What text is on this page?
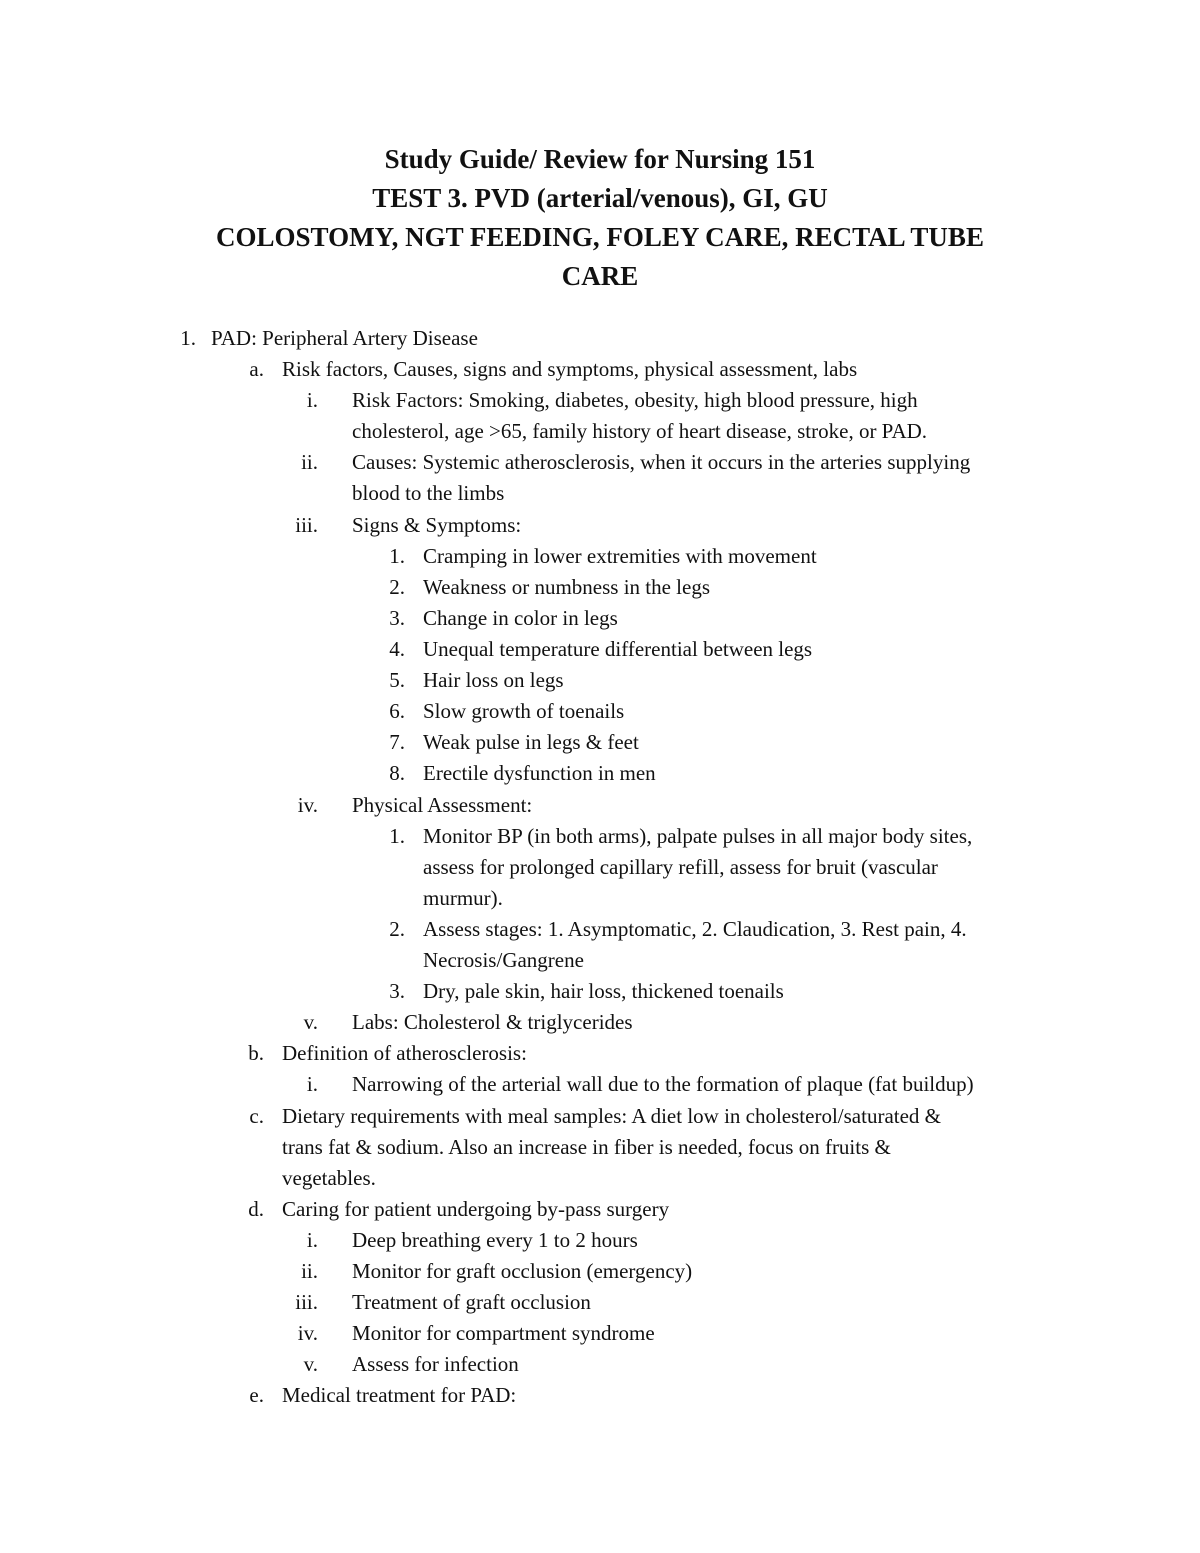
Study Guide/ Review for Nursing 151
TEST 3. PVD (arterial/venous), GI, GU
COLOSTOMY, NGT FEEDING, FOLEY CARE, RECTAL TUBE
CARE
1. PAD: Peripheral Artery Disease
a. Risk factors, Causes, signs and symptoms, physical assessment, labs
i. Risk Factors: Smoking, diabetes, obesity, high blood pressure, high
cholesterol, age >65, family history of heart disease, stroke, or PAD.
ii. Causes: Systemic atherosclerosis, when it occurs in the arteries supplying
blood to the limbs
iii. Signs & Symptoms:
1. Cramping in lower extremities with movement
2. Weakness or numbness in the legs
3. Change in color in legs
4. Unequal temperature differential between legs
5. Hair loss on legs
6. Slow growth of toenails
7. Weak pulse in legs & feet
8. Erectile dysfunction in men
iv. Physical Assessment:
1. Monitor BP (in both arms), palpate pulses in all major body sites,
assess for prolonged capillary refill, assess for bruit (vascular
murmur).
2. Assess stages: 1. Asymptomatic, 2. Claudication, 3. Rest pain, 4.
Necrosis/Gangrene
3. Dry, pale skin, hair loss, thickened toenails
v. Labs: Cholesterol & triglycerides
b. Definition of atherosclerosis:
i. Narrowing of the arterial wall due to the formation of plaque (fat buildup)
c. Dietary requirements with meal samples: A diet low in cholesterol/saturated &
trans fat & sodium. Also an increase in fiber is needed, focus on fruits &
vegetables.
d. Caring for patient undergoing by-pass surgery
i. Deep breathing every 1 to 2 hours
ii. Monitor for graft occlusion (emergency)
iii. Treatment of graft occlusion
iv. Monitor for compartment syndrome
v. Assess for infection
e. Medical treatment for PAD:
